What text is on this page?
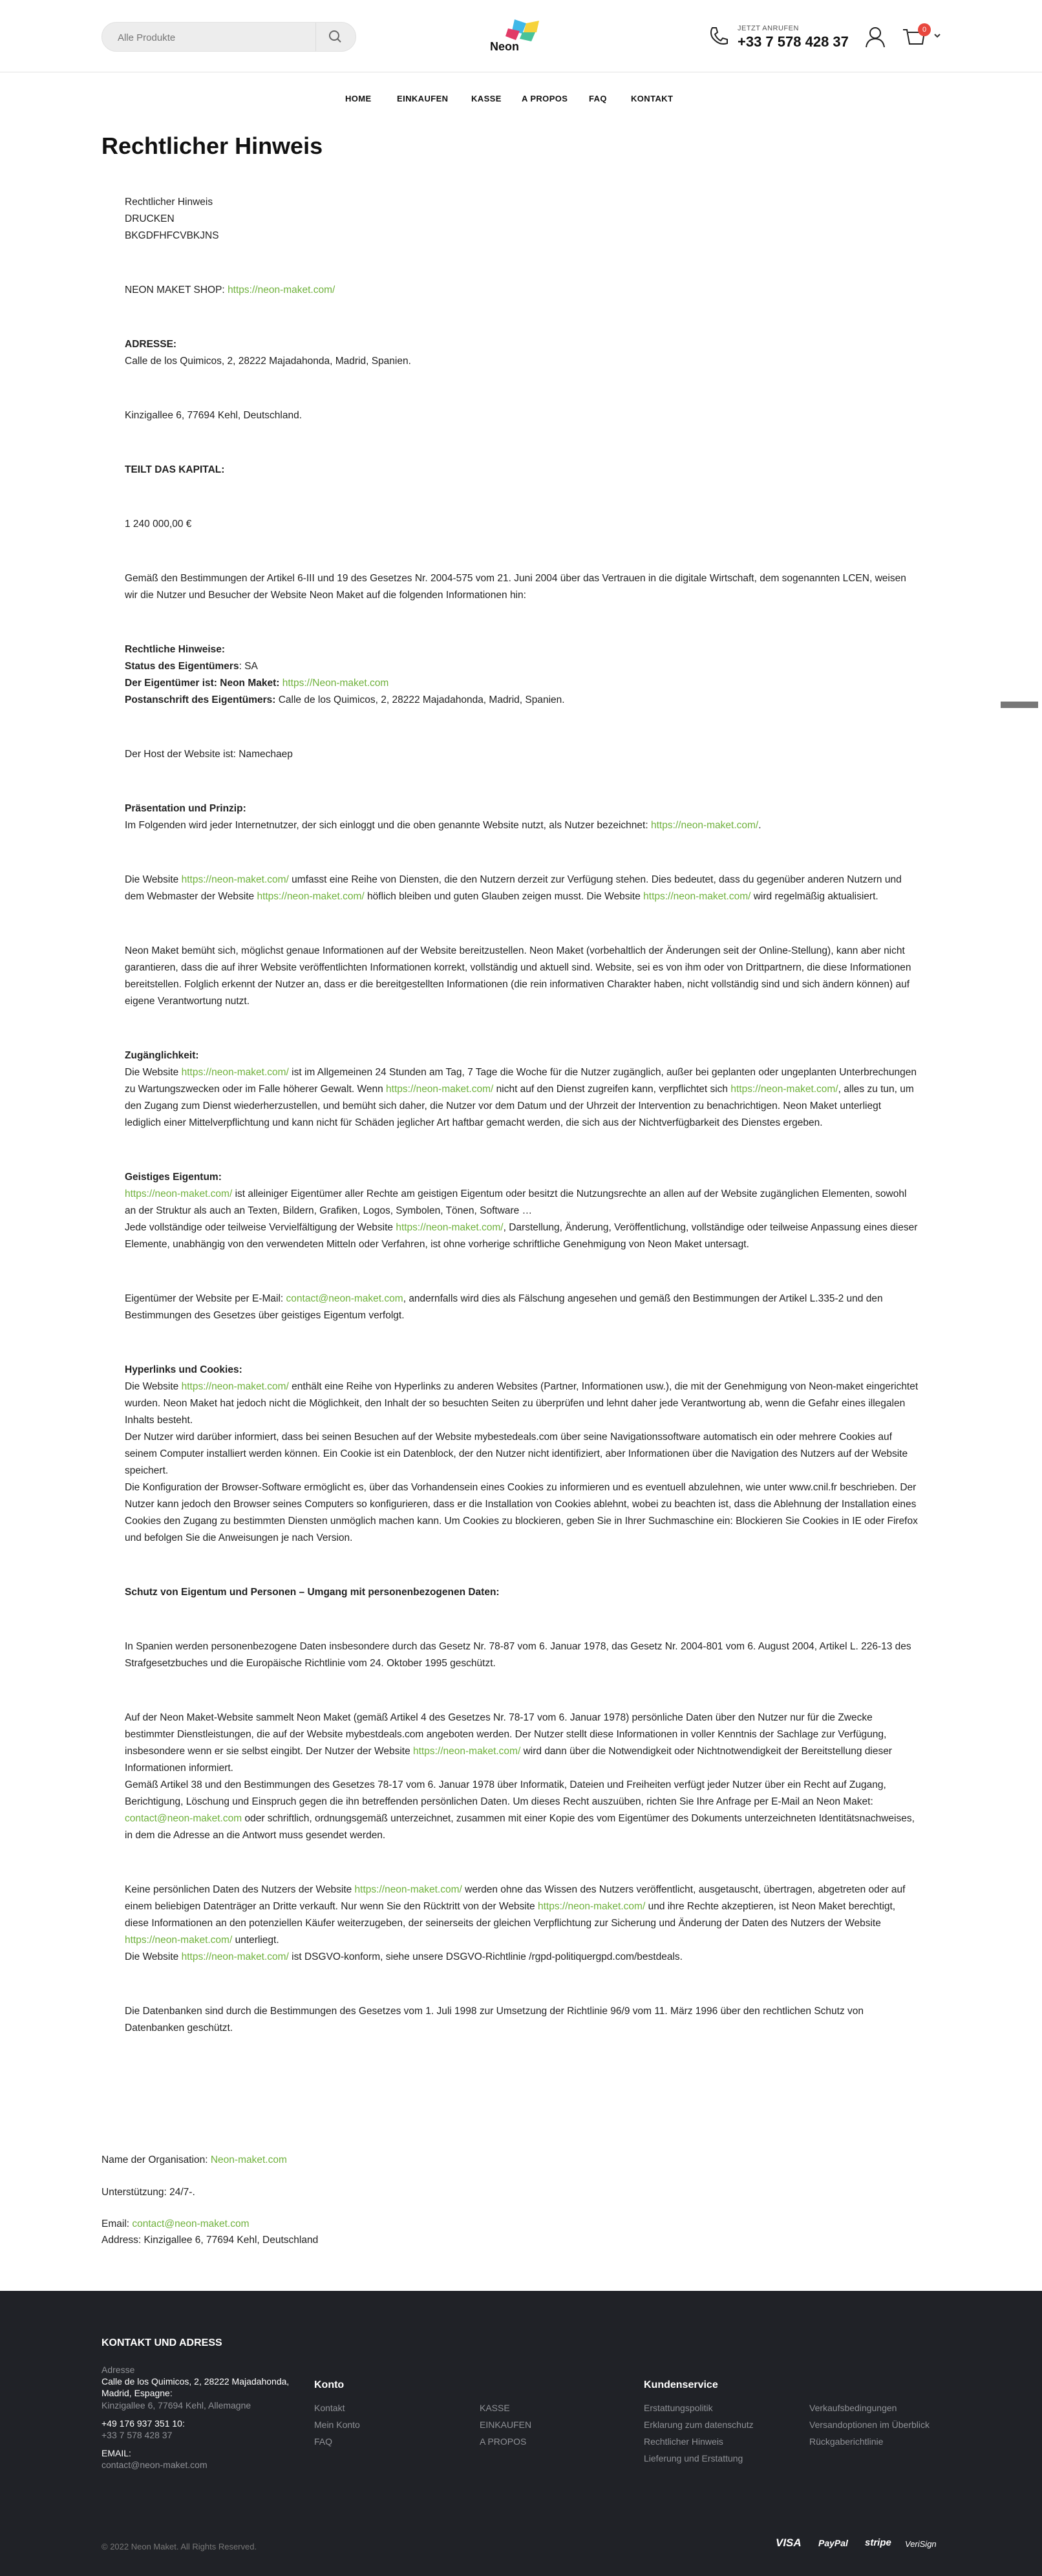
Alle Produkte
Neon
JETZT ANRUFEN
+33 7 578 428 37
0
HOME	EINKAUFEN	KASSE A PROPOS	FAQ	KONTAKT
Rechtlicher Hinweis

Rechtlicher Hinweis

DRUCKEN

BKGDFHFCVBKJNS

NEON MAKET SHOP: https://neon-maket.com/

ADRESSE:

Calle de los Quimicos, 2, 28222 Majadahonda, Madrid, Spanien.

Kinzigallee 6, 77694 Kehl, Deutschland.

TEILT DAS KAPITAL:

1 240 000,00 €

Gemäß den Bestimmungen der Artikel 6-III und 19 des Gesetzes Nr. 2004-575 vom 21. Juni 2004 über das Vertrauen in die digitale Wirtschaft, dem sogenannten LCEN, weisen wir die Nutzer und Besucher der Website Neon Maket auf die folgenden Informationen hin:

Rechtliche Hinweise:

Status des Eigentümers: SA

Der Eigentümer ist: Neon Maket: https://Neon-maket.com

Postanschrift des Eigentümers: Calle de los Quimicos, 2, 28222 Majadahonda, Madrid, Spanien.

Der Host der Website ist: Namechaep

Präsentation und Prinzip:

Im Folgenden wird jeder Internetnutzer, der sich einloggt und die oben genannte Website nutzt, als Nutzer bezeichnet: https://neon-maket.com/.

Die Website https://neon-maket.com/ umfasst eine Reihe von Diensten, die den Nutzern derzeit zur Verfügung stehen. Dies bedeutet, dass du gegenüber anderen Nutzern und dem Webmaster der Website https://neon-maket.com/ höflich bleiben und guten Glauben zeigen musst. Die Website https://neon-maket.com/ wird regelmäßig aktualisiert.

Neon Maket bemüht sich, möglichst genaue Informationen auf der Website bereitzustellen. Neon Maket (vorbehaltlich der Änderungen seit der Online-Stellung), kann aber nicht garantieren, dass die auf ihrer Website veröffentlichten Informationen korrekt, vollständig und aktuell sind. Website, sei es von ihm oder von Drittpartnern, die diese Informationen bereitstellen. Folglich erkennt der Nutzer an, dass er die bereitgestellten Informationen (die rein informativen Charakter haben, nicht vollständig sind und sich ändern können) auf eigene Verantwortung nutzt.

Zugänglichkeit:

Die Website https://neon-maket.com/ ist im Allgemeinen 24 Stunden am Tag, 7 Tage die Woche für die Nutzer zugänglich, außer bei geplanten oder ungeplanten Unterbrechungen zu Wartungszwecken oder im Falle höherer Gewalt. Wenn https://neon-maket.com/ nicht auf den Dienst zugreifen kann, verpflichtet sich https://neon-maket.com/, alles zu tun, um den Zugang zum Dienst wiederherzustellen, und bemüht sich daher, die Nutzer vor dem Datum und der Uhrzeit der Intervention zu benachrichtigen. Neon Maket unterliegt lediglich einer Mittelverpflichtung und kann nicht für Schäden jeglicher Art haftbar gemacht werden, die sich aus der Nichtverfügbarkeit des Dienstes ergeben.

Geistiges Eigentum:

https://neon-maket.com/ ist alleiniger Eigentümer aller Rechte am geistigen Eigentum oder besitzt die Nutzungsrechte an allen auf der Website zugänglichen Elementen, sowohl an der Struktur als auch an Texten, Bildern, Grafiken, Logos, Symbolen, Tönen, Software …

Jede vollständige oder teilweise Vervielfältigung der Website https://neon-maket.com/, Darstellung, Änderung, Veröffentlichung, vollständige oder teilweise Anpassung eines dieser Elemente, unabhängig von den verwendeten Mitteln oder Verfahren, ist ohne vorherige schriftliche Genehmigung von Neon Maket untersagt.

Eigentümer der Website per E-Mail: contact@neon-maket.com, andernfalls wird dies als Fälschung angesehen und gemäß den Bestimmungen der Artikel L.335-2 und den Bestimmungen des Gesetzes über geistiges Eigentum verfolgt.

Hyperlinks und Cookies:

Die Website https://neon-maket.com/ enthält eine Reihe von Hyperlinks zu anderen Websites (Partner, Informationen usw.), die mit der Genehmigung von Neon-maket eingerichtet wurden. Neon Maket hat jedoch nicht die Möglichkeit, den Inhalt der so besuchten Seiten zu überprüfen und lehnt daher jede Verantwortung ab, wenn die Gefahr eines illegalen Inhalts besteht.

Der Nutzer wird darüber informiert, dass bei seinen Besuchen auf der Website mybestedeals.com über seine Navigationssoftware automatisch ein oder mehrere Cookies auf seinem Computer installiert werden können. Ein Cookie ist ein Datenblock, der den Nutzer nicht identifiziert, aber Informationen über die Navigation des Nutzers auf der Website speichert.

Die Konfiguration der Browser-Software ermöglicht es, über das Vorhandensein eines Cookies zu informieren und es eventuell abzulehnen, wie unter www.cnil.fr beschrieben. Der Nutzer kann jedoch den Browser seines Computers so konfigurieren, dass er die Installation von Cookies ablehnt, wobei zu beachten ist, dass die Ablehnung der Installation eines Cookies den Zugang zu bestimmten Diensten unmöglich machen kann. Um Cookies zu blockieren, geben Sie in Ihrer Suchmaschine ein: Blockieren Sie Cookies in IE oder Firefox und befolgen Sie die Anweisungen je nach Version.

Schutz von Eigentum und Personen – Umgang mit personenbezogenen Daten:

In Spanien werden personenbezogene Daten insbesondere durch das Gesetz Nr. 78-87 vom 6. Januar 1978, das Gesetz Nr. 2004-801 vom 6. August 2004, Artikel L. 226-13 des Strafgesetzbuches und die Europäische Richtlinie vom 24. Oktober 1995 geschützt.

Auf der Neon Maket-Website sammelt Neon Maket (gemäß Artikel 4 des Gesetzes Nr. 78-17 vom 6. Januar 1978) persönliche Daten über den Nutzer nur für die Zwecke bestimmter Dienstleistungen, die auf der Website mybestdeals.com angeboten werden. Der Nutzer stellt diese Informationen in voller Kenntnis der Sachlage zur Verfügung, insbesondere wenn er sie selbst eingibt. Der Nutzer der Website https://neon-maket.com/ wird dann über die Notwendigkeit oder Nichtnotwendigkeit der Bereitstellung dieser Informationen informiert.

Gemäß Artikel 38 und den Bestimmungen des Gesetzes 78-17 vom 6. Januar 1978 über Informatik, Dateien und Freiheiten verfügt jeder Nutzer über ein Recht auf Zugang, Berichtigung, Löschung und Einspruch gegen die ihn betreffenden persönlichen Daten. Um dieses Recht auszuüben, richten Sie Ihre Anfrage per E-Mail an Neon Maket: contact@neon-maket.com oder schriftlich, ordnungsgemäß unterzeichnet, zusammen mit einer Kopie des vom Eigentümer des Dokuments unterzeichneten Identitätsnachweises, in dem die Adresse an die Antwort muss gesendet werden.

Keine persönlichen Daten des Nutzers der Website https://neon-maket.com/ werden ohne das Wissen des Nutzers veröffentlicht, ausgetauscht, übertragen, abgetreten oder auf einem beliebigen Datenträger an Dritte verkauft. Nur wenn Sie den Rücktritt von der Website https://neon-maket.com/ und ihre Rechte akzeptieren, ist Neon Maket berechtigt, diese Informationen an den potenziellen Käufer weiterzugeben, der seinerseits der gleichen Verpflichtung zur Sicherung und Änderung der Daten des Nutzers der Website https://neon-maket.com/ unterliegt.

Die Website https://neon-maket.com/ ist DSGVO-konform, siehe unsere DSGVO-Richtlinie /rgpd-politiquergpd.com/bestdeals.

Die Datenbanken sind durch die Bestimmungen des Gesetzes vom 1. Juli 1998 zur Umsetzung der Richtlinie 96/9 vom 11. März 1996 über den rechtlichen Schutz von Datenbanken geschützt.

Name der Organisation: Neon-maket.com
Unterstützung: 24/7-.
Email: contact@neon-maket.com
Address: Kinzigallee 6, 77694 Kehl, Deutschland
KONTAKT UND ADRESS
Adresse
Calle de los Quimicos, 2, 28222 Majadahonda,
Madrid, Espagne:
Kinzigallee 6, 77694 Kehl, Allemagne
+49 176 937 351 10:
+33 7 578 428 37
EMAIL:
contact@neon-maket.com
Konto
Kontakt
Mein Konto
FAQ
KASSE
EINKAUFEN
A PROPOS
Kundenservice
Erstattungspolitik
Erklarung zum datenschutz
Rechtlicher Hinweis
Lieferung und Erstattung
Verkaufsbedingungen
Versandoptionen im Überblick
Rückgaberichtlinie
© 2022 Neon Maket. All Rights Reserved.	VISA PayPal stripe VeriSign
